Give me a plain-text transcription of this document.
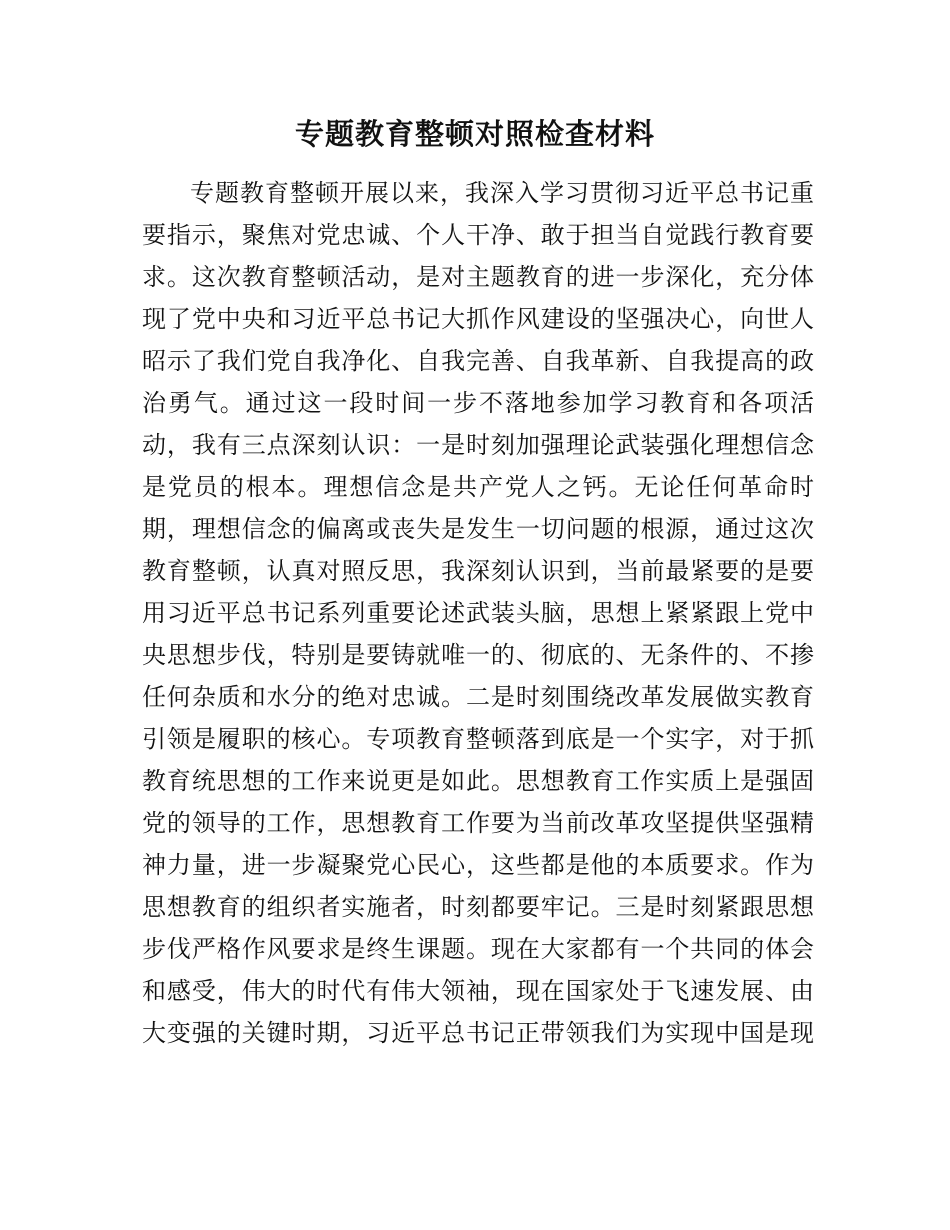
专题教育整顿对照检查材料
专题教育整顿开展以来，我深入学习贯彻习近平总书记重
要指示，聚焦对党忠诚、个人干净、敢于担当自觉践行教育要
求。这次教育整顿活动，是对主题教育的进一步深化，充分体
现了党中央和习近平总书记大抓作风建设的坚强决心，向世人
昭示了我们党自我净化、自我完善、自我革新、自我提高的政
治勇气。通过这一段时间一步不落地参加学习教育和各项活
动，我有三点深刻认识：一是时刻加强理论武装强化理想信念
是党员的根本。理想信念是共产党人之钙。无论任何革命时
期，理想信念的偏离或丧失是发生一切问题的根源，通过这次
教育整顿，认真对照反思，我深刻认识到，当前最紧要的是要
用习近平总书记系列重要论述武装头脑，思想上紧紧跟上党中
央思想步伐，特别是要铸就唯一的、彻底的、无条件的、不掺
任何杂质和水分的绝对忠诚。二是时刻围绕改革发展做实教育
引领是履职的核心。专项教育整顿落到底是一个实字，对于抓
教育统思想的工作来说更是如此。思想教育工作实质上是强固
党的领导的工作，思想教育工作要为当前改革攻坚提供坚强精
神力量，进一步凝聚党心民心，这些都是他的本质要求。作为
思想教育的组织者实施者，时刻都要牢记。三是时刻紧跟思想
步伐严格作风要求是终生课题。现在大家都有一个共同的体会
和感受，伟大的时代有伟大领袖，现在国家处于飞速发展、由
大变强的关键时期，习近平总书记正带领我们为实现中国是现
